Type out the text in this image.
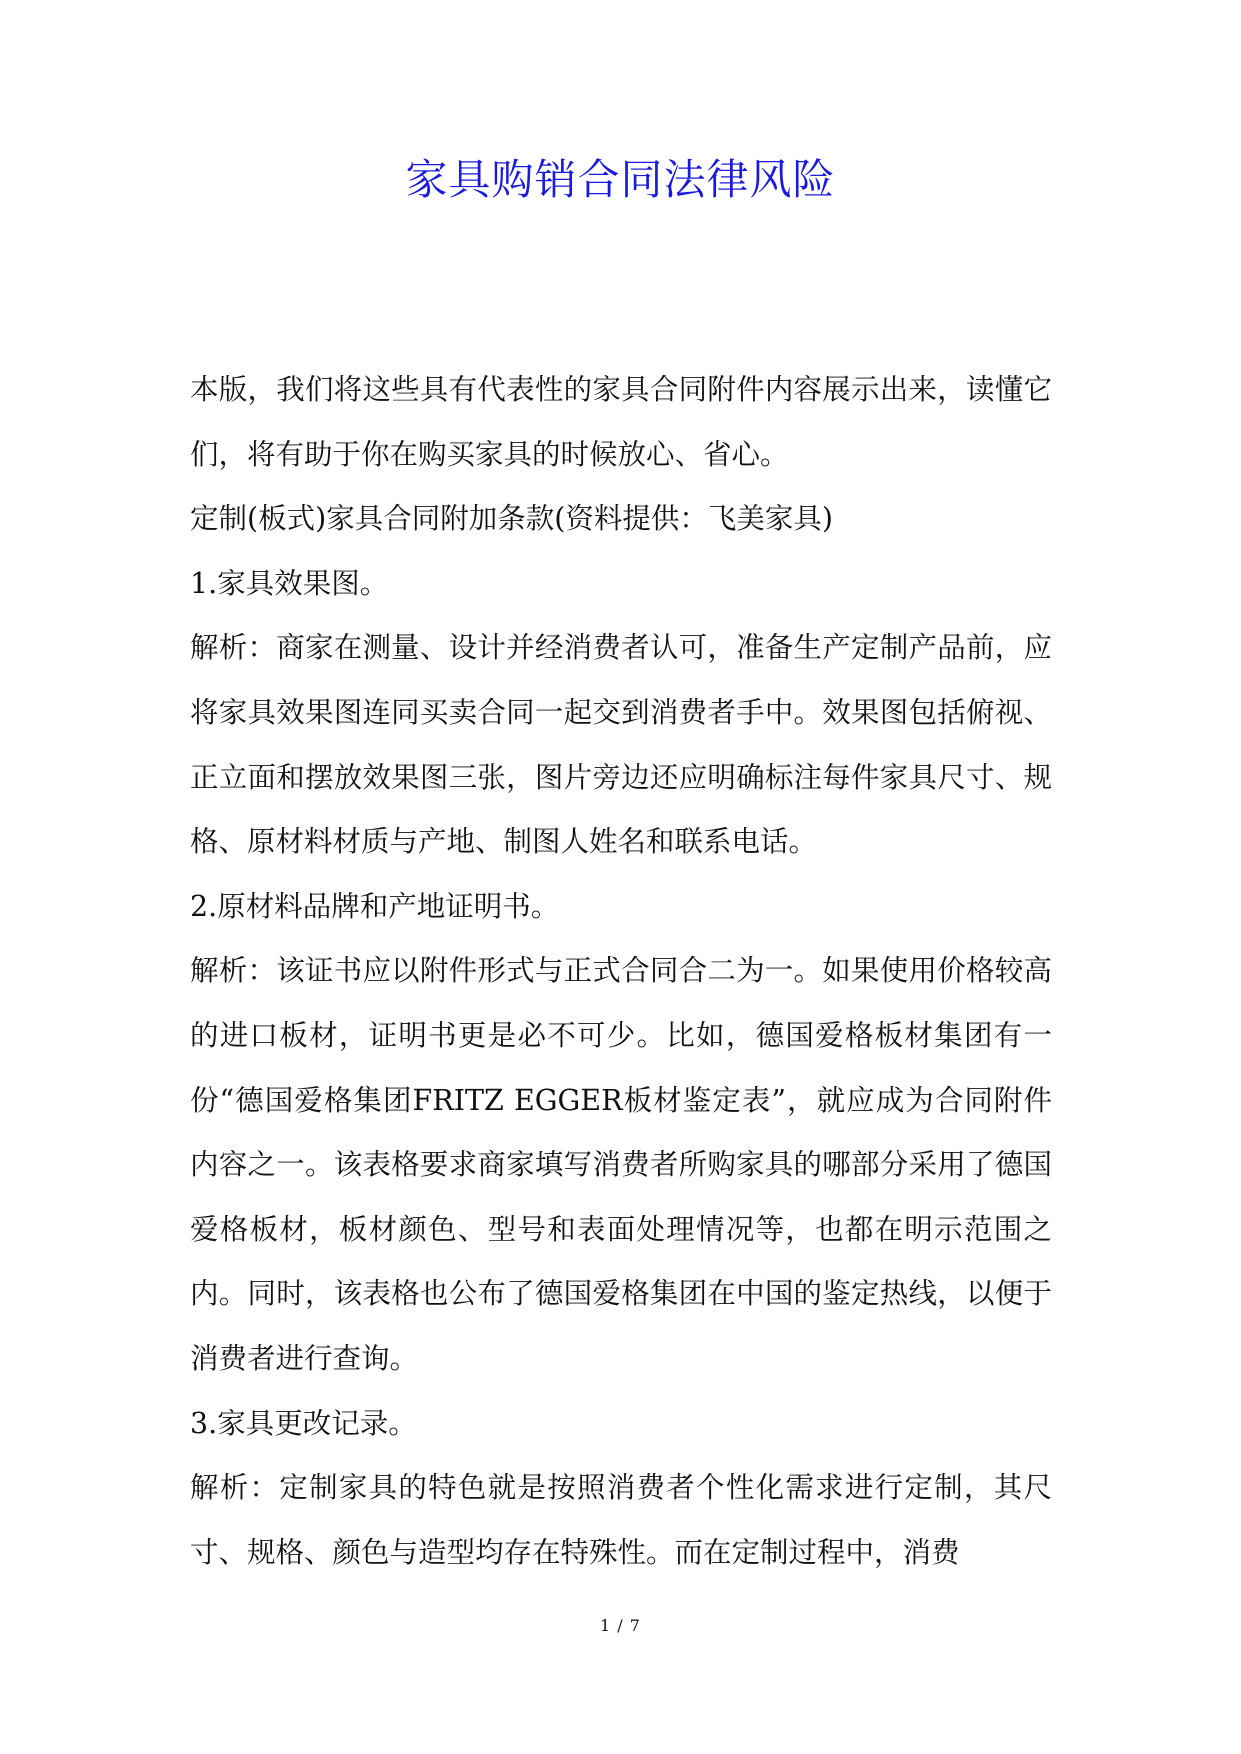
家具购销合同法律风险

本版，我们将这些具有代表性的家具合同附件内容展示出来，读懂它们，将有助于你在购买家具的时候放心、省心。

定制(板式)家具合同附加条款(资料提供：飞美家具)

1.家具效果图。

解析：商家在测量、设计并经消费者认可，准备生产定制产品前，应将家具效果图连同买卖合同一起交到消费者手中。效果图包括俯视、正立面和摆放效果图三张，图片旁边还应明确标注每件家具尺寸、规格、原材料材质与产地、制图人姓名和联系电话。

2.原材料品牌和产地证明书。

解析：该证书应以附件形式与正式合同合二为一。如果使用价格较高的进口板材，证明书更是必不可少。比如，德国爱格板材集团有一份“德国爱格集团FRITZ EGGER板材鉴定表”，就应成为合同附件内容之一。该表格要求商家填写消费者所购家具的哪部分采用了德国爱格板材，板材颜色、型号和表面处理情况等，也都在明示范围之内。同时，该表格也公布了德国爱格集团在中国的鉴定热线，以便于消费者进行查询。

3.家具更改记录。

解析：定制家具的特色就是按照消费者个性化需求进行定制，其尺寸、规格、颜色与造型均存在特殊性。而在定制过程中，消费

1 / 7
